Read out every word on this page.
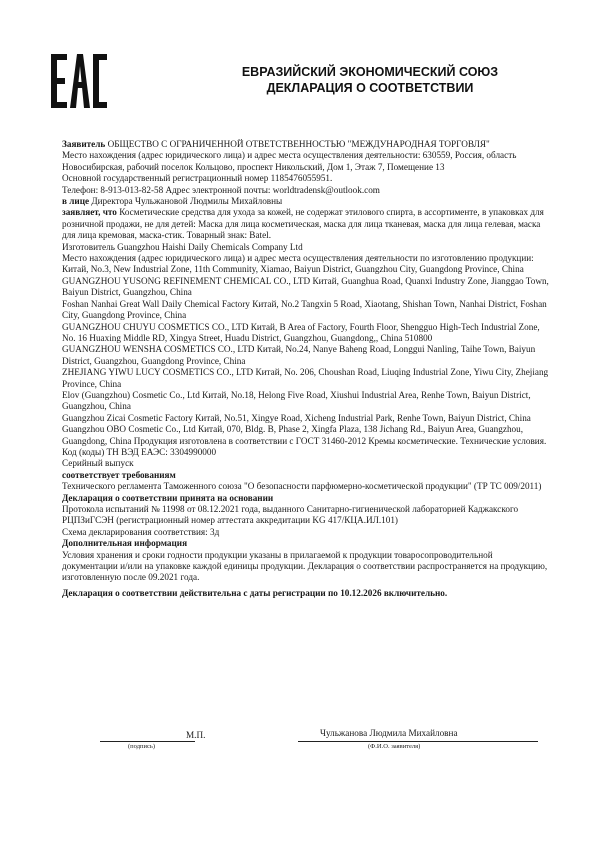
ЕВРАЗИЙСКИЙ ЭКОНОМИЧЕСКИЙ СОЮЗ
ДЕКЛАРАЦИЯ О СООТВЕТСТВИИ

Заявитель ОБЩЕСТВО С ОГРАНИЧЕННОЙ ОТВЕТСТВЕННОСТЬЮ "МЕЖДУНАРОДНАЯ ТОРГОВЛЯ"

Место нахождения (адрес юридического лица) и адрес места осуществления деятельности: 630559, Россия, область Новосибирская, рабочий поселок Кольцово, проспект Никольский, Дом 1, Этаж 7, Помещение 13

Основной государственный регистрационный номер 1185476055951.

Телефон: 8-913-013-82-58 Адрес электронной почты: worldtradensk@outlook.com

в лице Директора Чульжановой Людмилы Михайловны

заявляет, что Косметические средства для ухода за кожей, не содержат этилового спирта, в ассортименте, в упаковках для розничной продажи, не для детей: Маска для лица косметическая, маска для лица тканевая, маска для лица гелевая, маска для лица кремовая, маска-стик. Товарный знак: Batel.

Изготовитель Guangzhou Haishi Daily Chemicals Company Ltd

Место нахождения (адрес юридического лица) и адрес места осуществления деятельности по изготовлению продукции: Китай, No.3, New Industrial Zone, 11th Community, Xiamao, Baiyun District, Guangzhou City, Guangdong Province, China

GUANGZHOU YUSONG REFINEMENT CHEMICAL CO., LTD Китай, Guanghua Road, Quanxi Industry Zone, Jianggao Town, Baiyun District, Guangzhou, China

Foshan Nanhai Great Wall Daily Chemical Factory Китай, No.2 Tangxin 5 Road, Xiaotang, Shishan Town, Nanhai District, Foshan City, Guangdong Province, China

GUANGZHOU CHUYU COSMETICS CO., LTD Китай, B Area of Factory, Fourth Floor, Shengguo High-Tech Industrial Zone, No. 16 Huaxing Middle RD, Xingya Street, Huadu District, Guangzhou, Guangdong,, China 510800

GUANGZHOU WENSHA COSMETICS CO., LTD Китай, No.24, Nanye Baheng Road, Longgui Nanling, Taihe Town, Baiyun District, Guangzhou, Guangdong Province, China

ZHEJIANG YIWU LUCY COSMETICS CO., LTD Китай, No. 206, Choushan Road, Liuqing Industrial Zone, Yiwu City, Zhejiang Province, China

Elov (Guangzhou) Cosmetic Co., Ltd Китай, No.18, Helong Five Road, Xiushui Industrial Area, Renhe Town, Baiyun District, Guangzhou, China

Guangzhou Zicai Cosmetic Factory Китай, No.51, Xingye Road, Xicheng Industrial Park, Renhe Town, Baiyun District, China

Guangzhou OBO Cosmetic Co., Ltd Китай, 070, Bldg. B, Phase 2, Xingfa Plaza, 138 Jichang Rd., Baiyun Area, Guangzhou, Guangdong, China Продукция изготовлена в соответствии с ГОСТ 31460-2012 Кремы косметические. Технические условия.

Код (коды) ТН ВЭД ЕАЭС: 3304990000

Серийный выпуск

соответствует требованиям

Технического регламента Таможенного союза "О безопасности парфюмерно-косметической продукции" (ТР ТС 009/2011)

Декларация о соответствии принята на основании

Протокола испытаний № 11998 от 08.12.2021 года, выданного Санитарно-гигиенической лабораторией Каджакского РЦПЗиГСЭН (регистрационный номер аттестата аккредитации KG 417/КЦА.ИЛ.101)

Схема декларирования соответствия: 3д

Дополнительная информация

Условия хранения и сроки годности продукции указаны в прилагаемой к продукции товаросопроводительной документации и/или на упаковке каждой единицы продукции. Декларация о соответствии распространяется на продукцию, изготовленную после 09.2021 года.

Декларация о соответствии действительна с даты регистрации по 10.12.2026 включительно.

(подпись)
М.П.	Чульжанова Людмила Михайловна
(Ф.И.О. заявителя)
